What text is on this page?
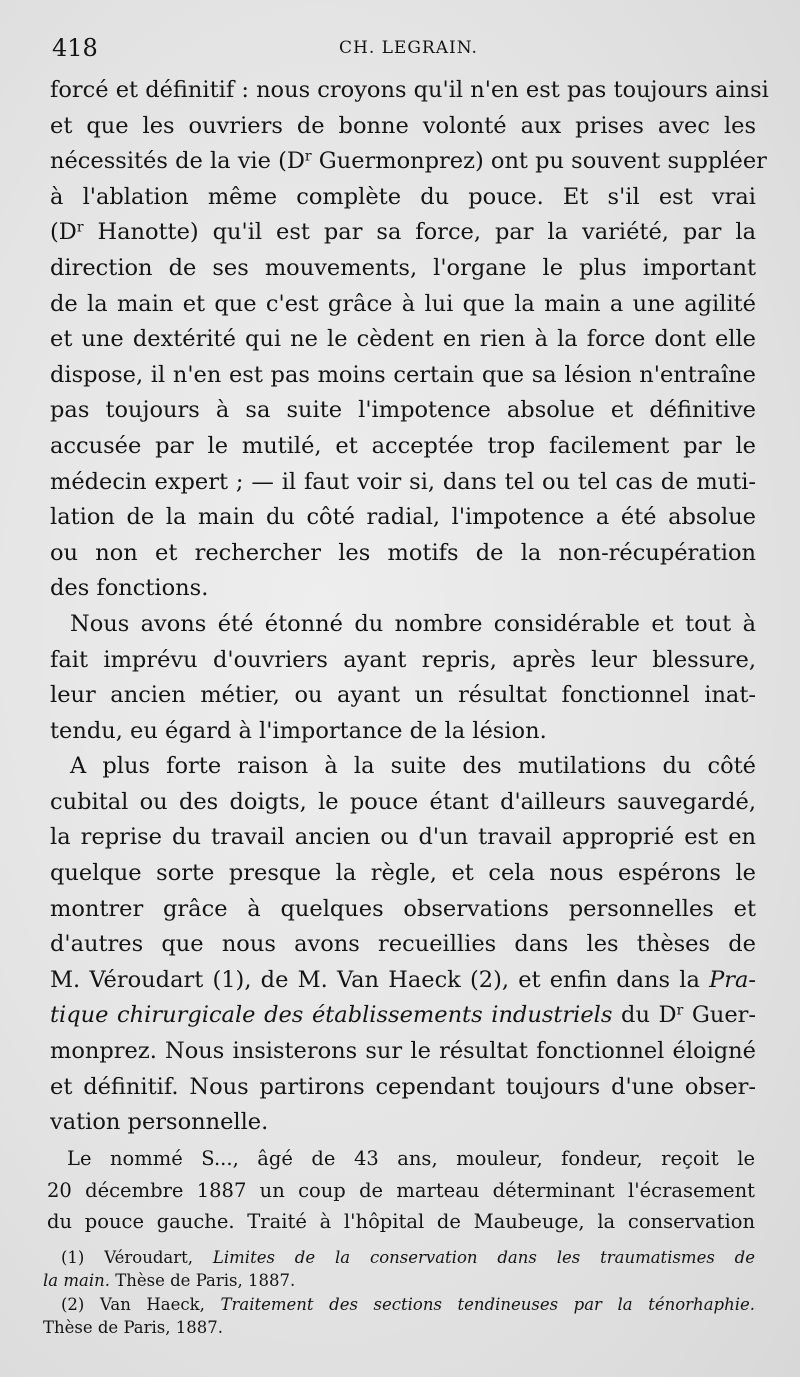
418	CH. LEGRAIN.
forcé et définitif : nous croyons qu'il n'en est pas toujours ainsi
et que les ouvriers de bonne volonté aux prises avec les
nécessités de la vie ($D^r$ Guermonprez) ont pu souvent suppléer
à l'ablation même complète du pouce. Et s'il est vrai
($D^r$ Hanotte) qu'il est par sa force, par la variété, par la
direction de ses mouvements, l'organe le plus important
de la main et que c'est grâce à lui que la main a une agilité
et une dextérité qui ne le cèdent en rien à la force dont elle
dispose, il n'en est pas moins certain que sa lésion n'entraîne
pas toujours à sa suite l'impotence absolue et définitive
accusée par le mutilé, et acceptée trop facilement par le
médecin expert ; — il faut voir si, dans tel ou tel cas de muti-
lation de la main du côté radial, l'impotence a été absolue
ou non et rechercher les motifs de la non-récupération
des fonctions.
Nous avons été étonné du nombre considérable et tout à
fait imprévu d'ouvriers ayant repris, après leur blessure,
leur ancien métier, ou ayant un résultat fonctionnel inat-
tendu, eu égard à l'importance de la lésion.
A plus forte raison à la suite des mutilations du côté
cubital ou des doigts, le pouce étant d'ailleurs sauvegardé,
la reprise du travail ancien ou d'un travail approprié est en
quelque sorte presque la règle, et cela nous espérons le
montrer grâce à quelques observations personnelles et
d'autres que nous avons recueillies dans les thèses de
M. Véroudart (1), de M. Van Haeck (2), et enfin dans la Pra-
tique chirurgicale des établissements industriels du $D^r$ Guer-
monprez. Nous insisterons sur le résultat fonctionnel éloigné
et définitif. Nous partirons cependant toujours d'une obser-
vation personnelle.
Le nommé S..., âgé de 43 ans, mouleur, fondeur, reçoit le
20 décembre 1887 un coup de marteau déterminant l'écrasement
du pouce gauche. Traité à l'hôpital de Maubeuge, la conservation
(1) Véroudart, Limites de la conservation dans les traumatismes de
la main. Thèse de Paris, 1887.
(2) Van Haeck, Traitement des sections tendineuses par la ténorhaphie.
Thèse de Paris, 1887.
